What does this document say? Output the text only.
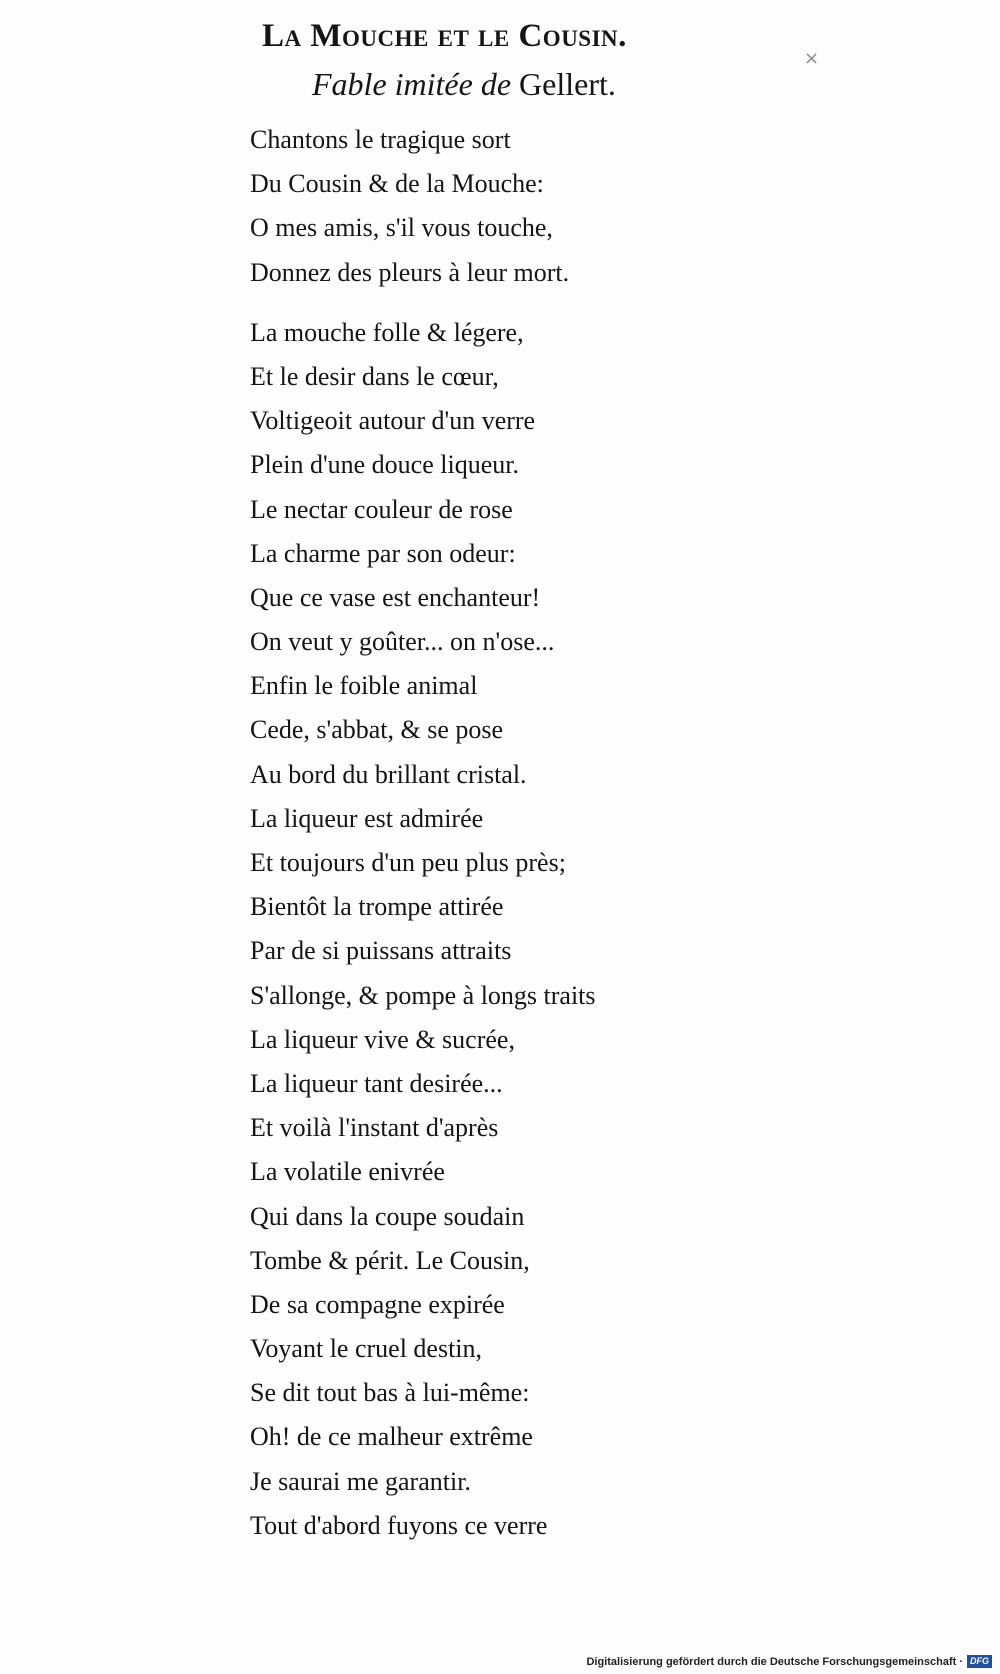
La Mouche et le Cousin.
Fable imitée de Gellert.
×
Chantons le tragique sort
Du Cousin & de la Mouche:
O mes amis, s'il vous touche,
Donnez des pleurs à leur mort.
La mouche folle & légere,
Et le desir dans le cœur,
Voltigeoit autour d'un verre
Plein d'une douce liqueur.
Le nectar couleur de rose
La charme par son odeur:
Que ce vase est enchanteur!
On veut y goûter... on n'ose...
Enfin le foible animal
Cede, s'abbat, & se pose
Au bord du brillant cristal.
La liqueur est admirée
Et toujours d'un peu plus près;
Bientôt la trompe attirée
Par de si puissans attraits
S'allonge, & pompe à longs traits
La liqueur vive & sucrée,
La liqueur tant desirée...
Et voilà l'instant d'après
La volatile enivrée
Qui dans la coupe soudain
Tombe & périt. Le Cousin,
De sa compagne expirée
Voyant le cruel destin,
Se dit tout bas à lui-même:
Oh! de ce malheur extrême
Je saurai me garantir.
Tout d'abord fuyons ce verre
Digitalisierung gefördert durch die Deutsche Forschungsgemeinschaft · DFG
